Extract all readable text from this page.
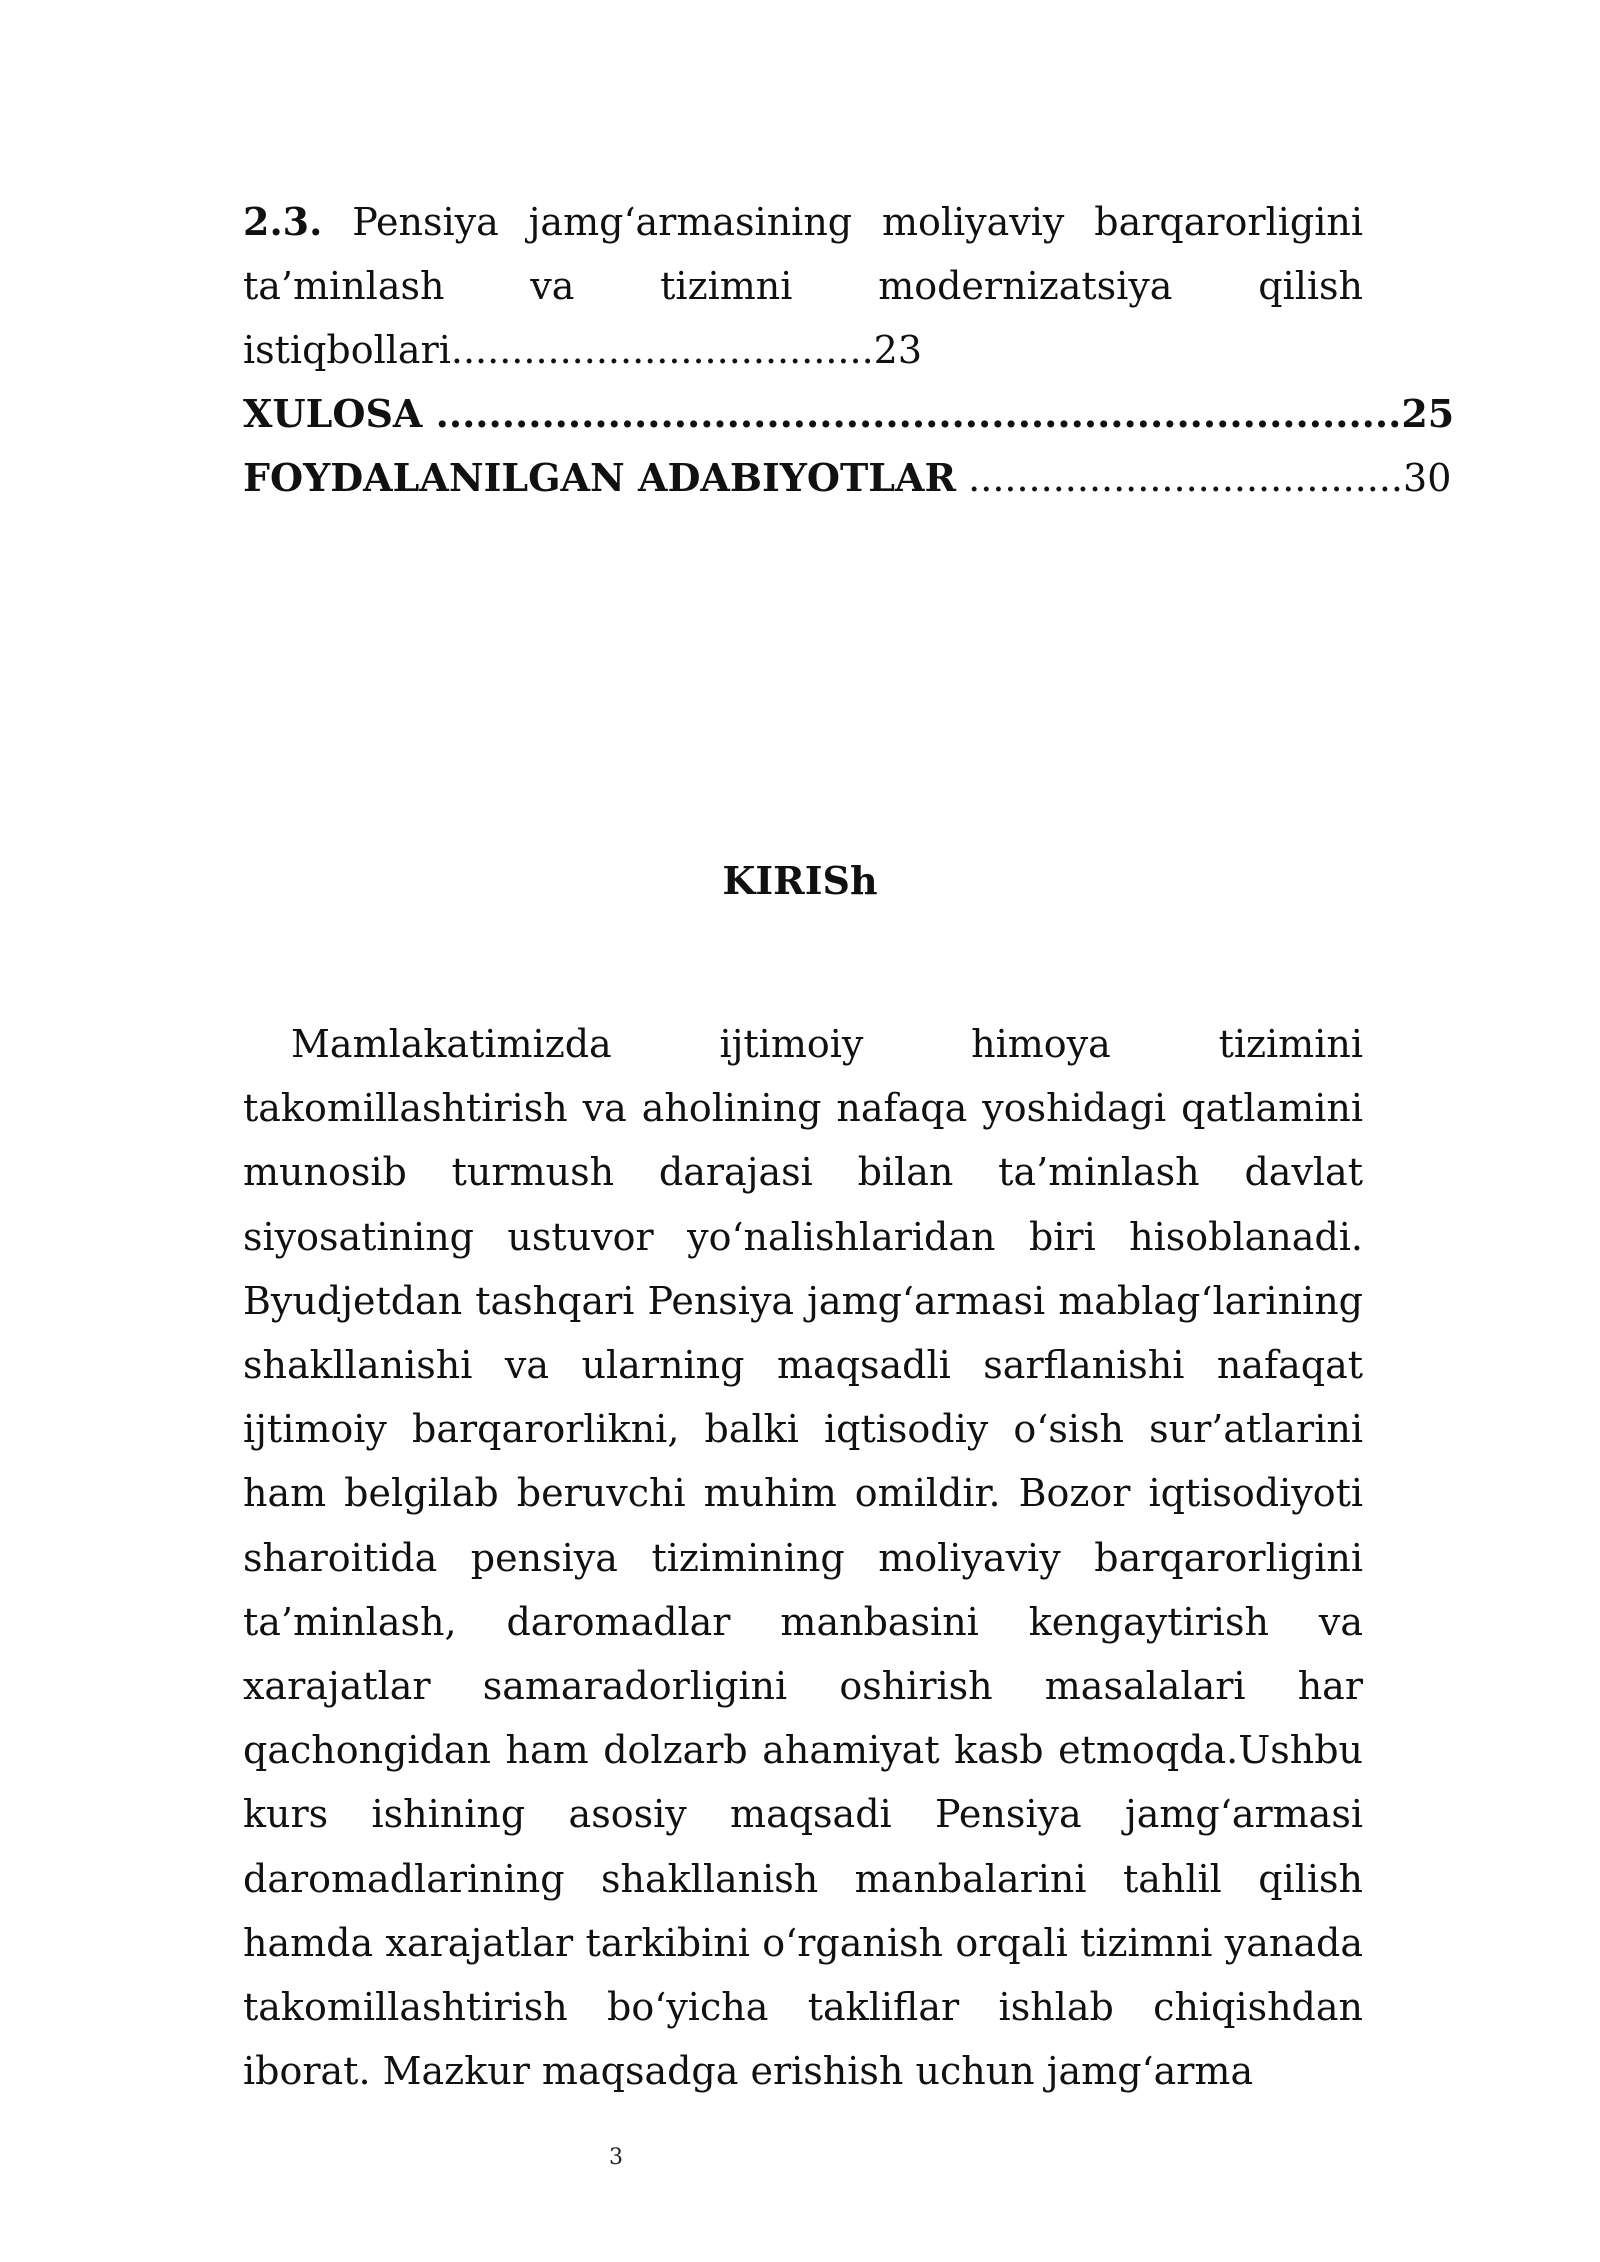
2.3. Pensiya jamg‘armasining moliyaviy barqarorligini ta’minlash va tizimni modernizatsiya qilish istiqbollari...................................23

XULOSA .........................................................................25

FOYDALANILGAN ADABIYOTLAR ....................................30

KIRISh

Mamlakatimizda ijtimoiy himoya tizimini takomillashtirish va aholining nafaqa yoshidagi qatlamini munosib turmush darajasi bilan ta’minlash davlat siyosatining ustuvor yo‘nalishlaridan biri hisoblanadi. Byudjetdan tashqari Pensiya jamg‘armasi mablag‘larining shakllanishi va ularning maqsadli sarflanishi nafaqat ijtimoiy barqarorlikni, balki iqtisodiy o‘sish sur’atlarini ham belgilab beruvchi muhim omildir. Bozor iqtisodiyoti sharoitida pensiya tizimining moliyaviy barqarorligini ta’minlash, daromadlar manbasini kengaytirish va xarajatlar samaradorligini oshirish masalalari har qachongidan ham dolzarb ahamiyat kasb etmoqda.Ushbu kurs ishining asosiy maqsadi Pensiya jamg‘armasi daromadlarining shakllanish manbalarini tahlil qilish hamda xarajatlar tarkibini o‘rganish orqali tizimni yanada takomillashtirish bo‘yicha takliflar ishlab chiqishdan iborat. Mazkur maqsadga erishish uchun jamg‘arma

3
